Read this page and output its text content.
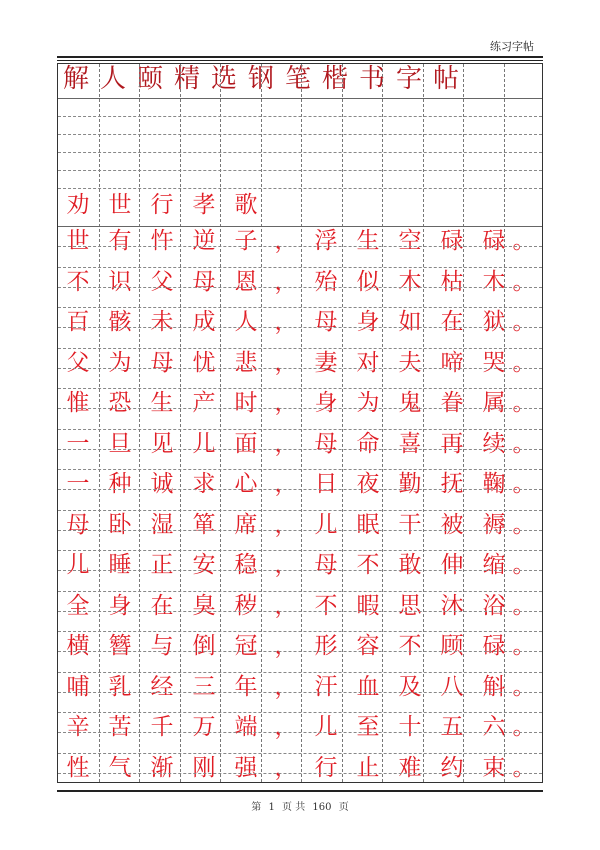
练习字帖
解 人 颐 精 选 钢 笔 楷 书 字 帖
劝 世 行 孝 歌
世 有 忤 逆 子 ， 浮 生 空 碌 碌 。
不 识 父 母 恩 ， 殆 似 木 枯 木 。
百 骸 未 成 人 ， 母 身 如 在 狱 。
父 为 母 忧 悲 ， 妻 对 夫 啼 哭 。
惟 恐 生 产 时 ， 身 为 鬼 眷 属 。
一 旦 见 儿 面 ， 母 命 喜 再 续 。
一 种 诚 求 心 ， 日 夜 勤 抚 鞠 。
母 卧 湿 箪 席 ， 儿 眠 干 被 褥 。
儿 睡 正 安 稳 ， 母 不 敢 伸 缩 。
全 身 在 臭 秽 ， 不 暇 思 沐 浴 。
横 簪 与 倒 冠 ， 形 容 不 顾 碌 。
哺 乳 经 三 年 ， 汗 血 及 八 斛 。
辛 苦 千 万 端 ， 儿 至 十 五 六 。
性 气 渐 刚 强 ， 行 止 难 约 束 。
第 1 页 共 160 页
